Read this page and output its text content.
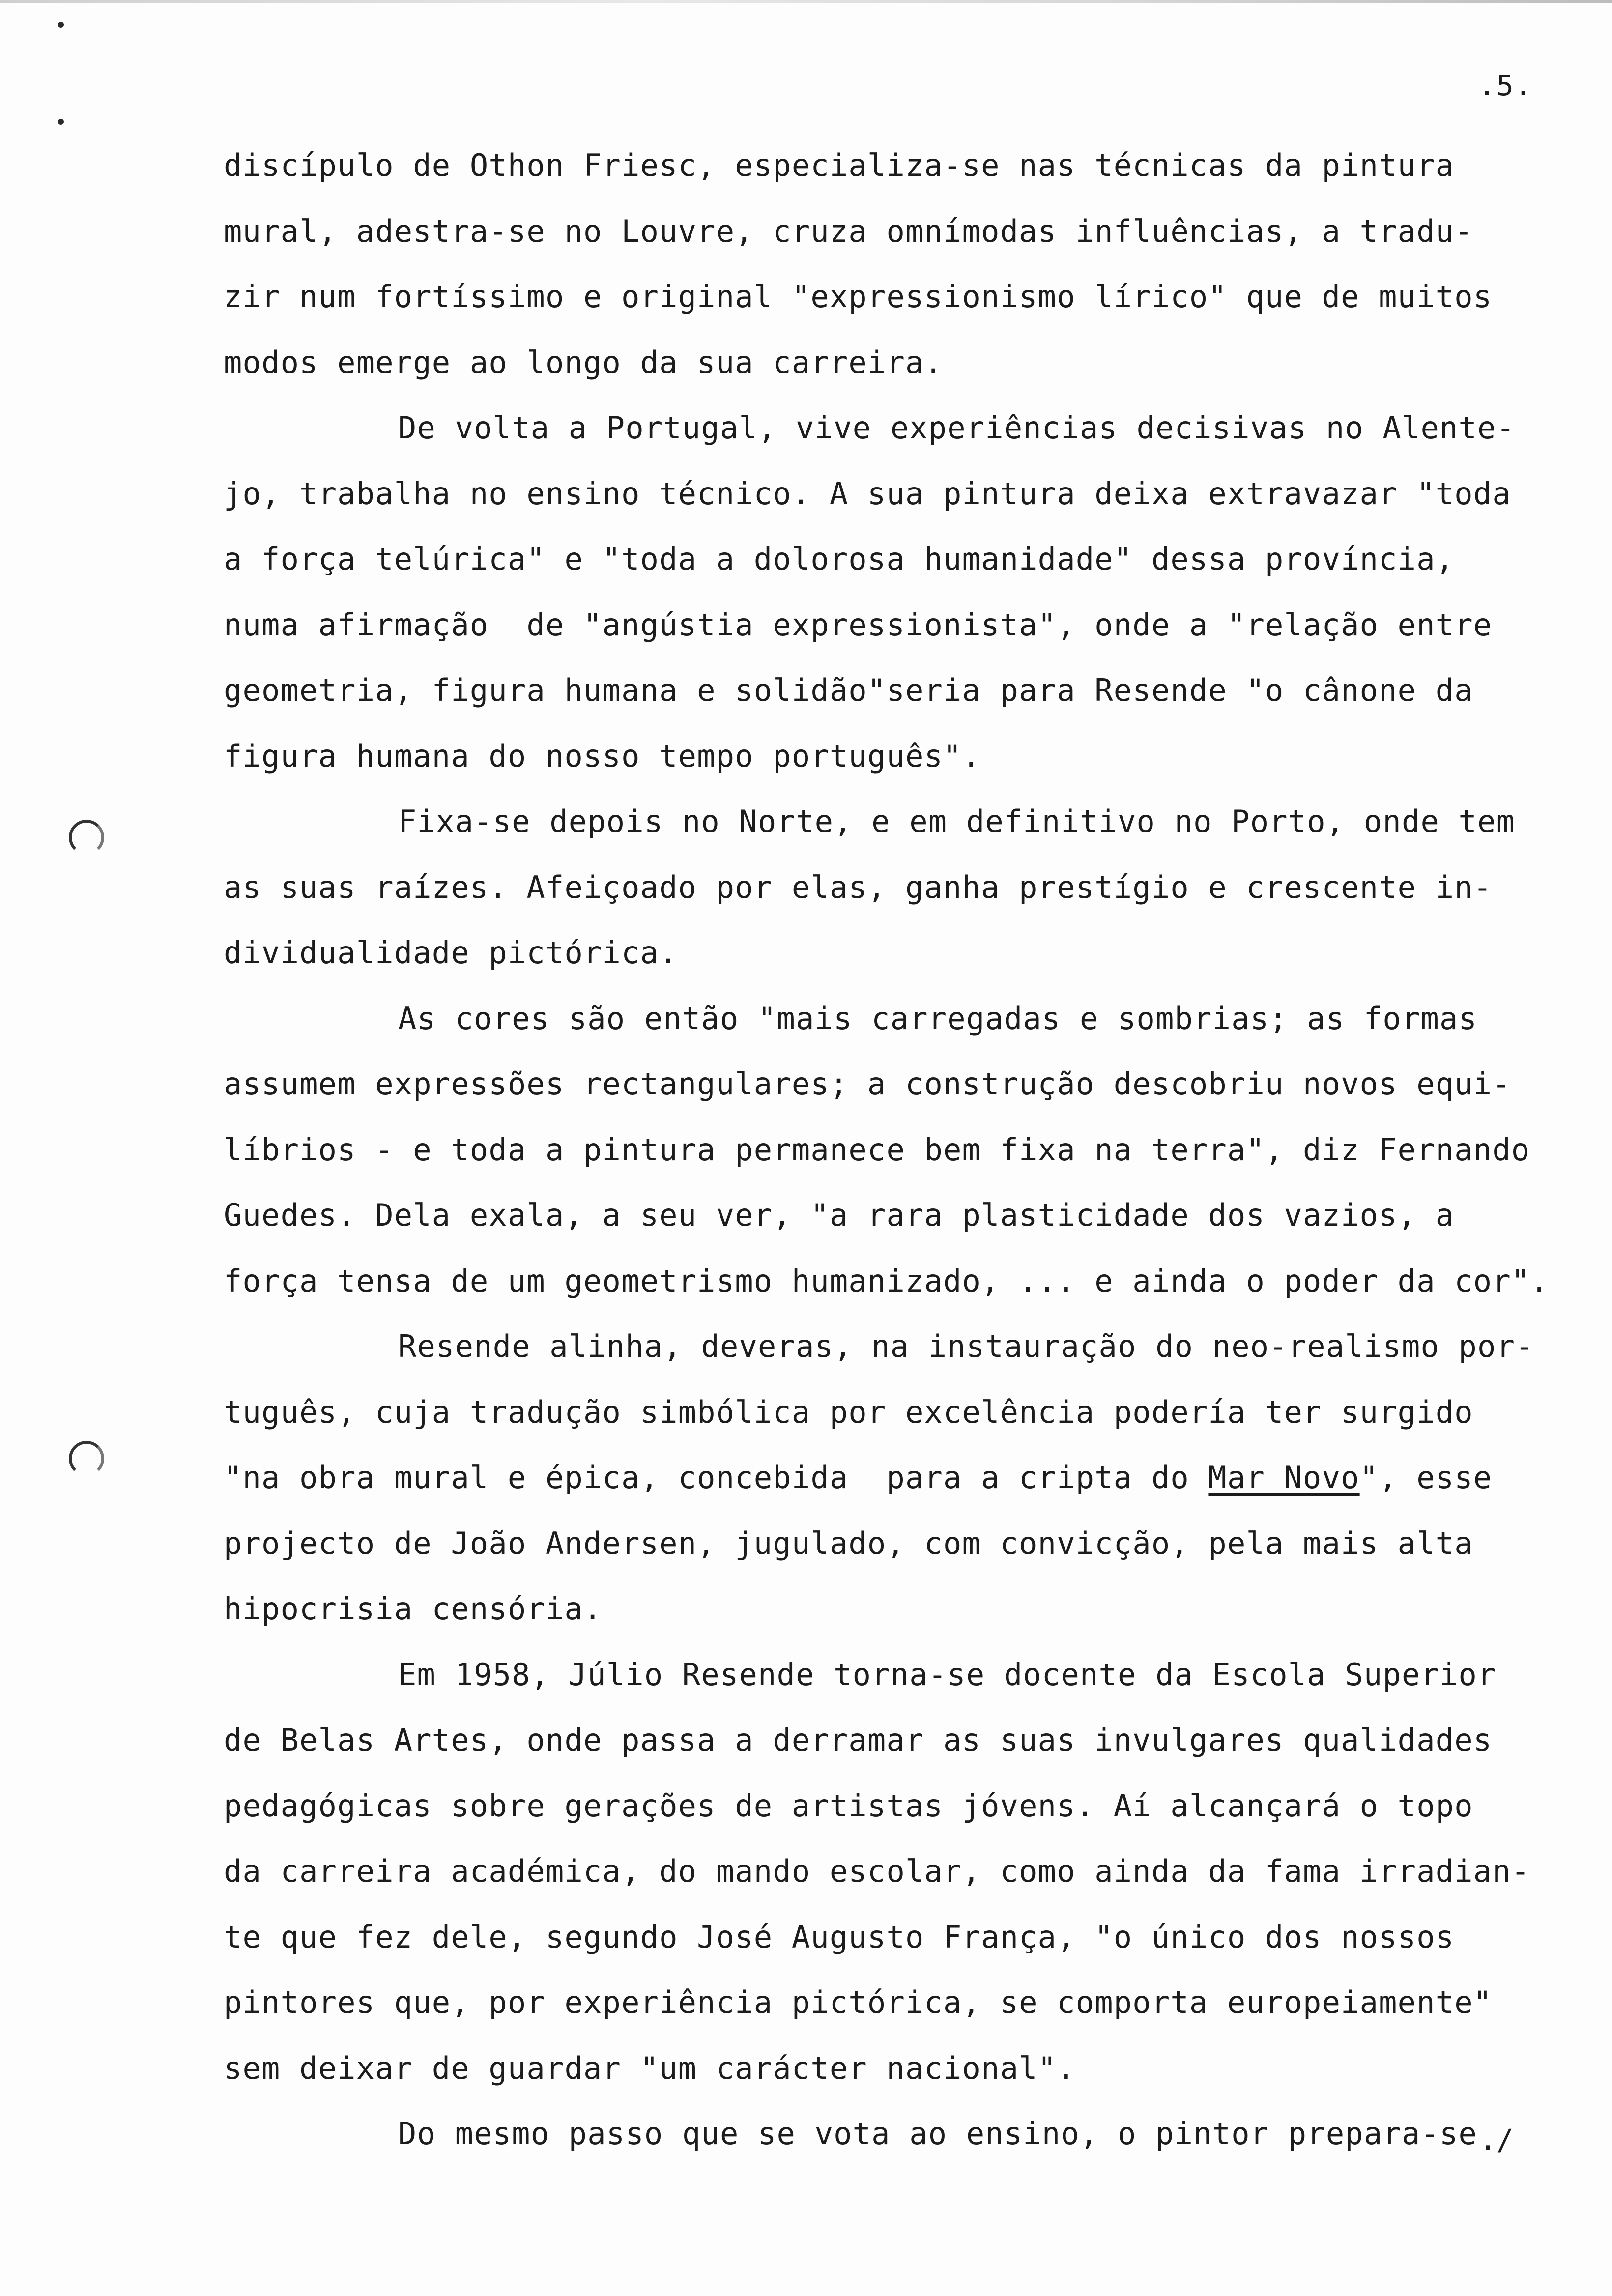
.5.
discípulo de Othon Friesc, especializa-se nas técnicas da pintura
mural, adestra-se no Louvre, cruza omnímodas influências, a tradu-
zir num fortíssimo e original "expressionismo lírico" que de muitos
modos emerge ao longo da sua carreira.
De volta a Portugal, vive experiências decisivas no Alente-
jo, trabalha no ensino técnico. A sua pintura deixa extravazar "toda
a força telúrica" e "toda a dolorosa humanidade" dessa província,
numa afirmação  de "angústia expressionista", onde a "relação entre
geometria, figura humana e solidão"seria para Resende "o cânone da
figura humana do nosso tempo português".
Fixa-se depois no Norte, e em definitivo no Porto, onde tem
as suas raízes. Afeiçoado por elas, ganha prestígio e crescente in-
dividualidade pictórica.
As cores são então "mais carregadas e sombrias; as formas
assumem expressões rectangulares; a construção descobriu novos equi-
líbrios - e toda a pintura permanece bem fixa na terra", diz Fernando
Guedes. Dela exala, a seu ver, "a rara plasticidade dos vazios, a
força tensa de um geometrismo humanizado, ... e ainda o poder da cor".
Resende alinha, deveras, na instauração do neo-realismo por-
tuguês, cuja tradução simbólica por excelência podería ter surgido
"na obra mural e épica, concebida  para a cripta do Mar Novo", esse
projecto de João Andersen, jugulado, com convicção, pela mais alta
hipocrisia censória.
Em 1958, Júlio Resende torna-se docente da Escola Superior
de Belas Artes, onde passa a derramar as suas invulgares qualidades
pedagógicas sobre gerações de artistas jóvens. Aí alcançará o topo
da carreira académica, do mando escolar, como ainda da fama irradian-
te que fez dele, segundo José Augusto França, "o único dos nossos
pintores que, por experiência pictórica, se comporta europeiamente"
sem deixar de guardar "um carácter nacional".
Do mesmo passo que se vota ao ensino, o pintor prepara-se ./
